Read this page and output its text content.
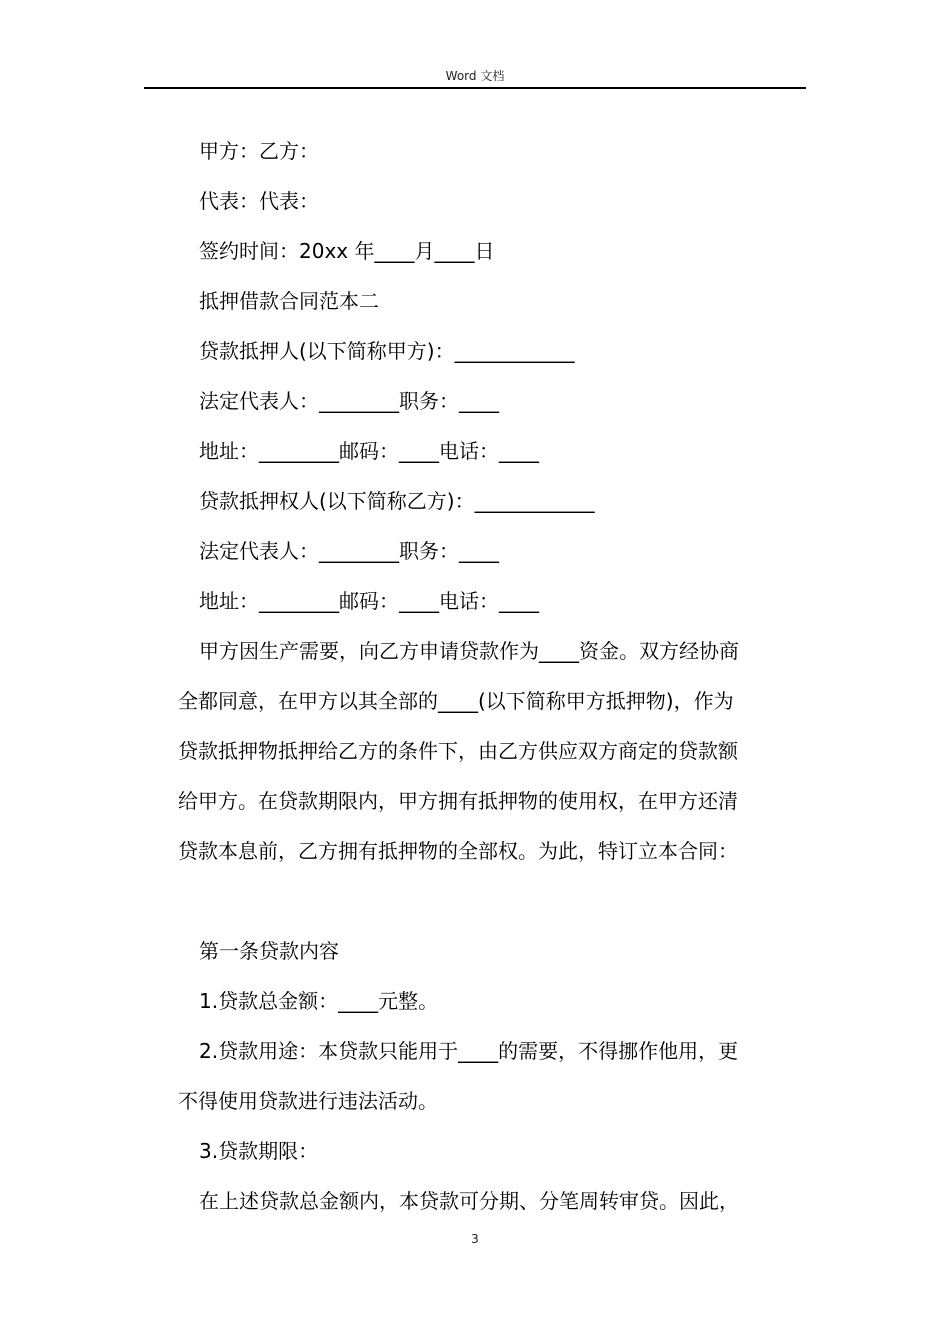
Word 文档
甲方：乙方：
代表：代表：
签约时间：20xx 年____月____日
抵押借款合同范本二
贷款抵押人(以下简称甲方)：____________
法定代表人：________职务：____
地址：________邮码：____电话：____
贷款抵押权人(以下简称乙方)：____________
法定代表人：________职务：____
地址：________邮码：____电话：____
甲方因生产需要，向乙方申请贷款作为____资金。双方经协商
全都同意，在甲方以其全部的____(以下简称甲方抵押物)，作为
贷款抵押物抵押给乙方的条件下，由乙方供应双方商定的贷款额
给甲方。在贷款期限内，甲方拥有抵押物的使用权，在甲方还清
贷款本息前，乙方拥有抵押物的全部权。为此，特订立本合同：
第一条贷款内容
1.贷款总金额：____元整。
2.贷款用途：本贷款只能用于____的需要，不得挪作他用，更
不得使用贷款进行违法活动。
3.贷款期限：
在上述贷款总金额内，本贷款可分期、分笔周转审贷。因此，
3
